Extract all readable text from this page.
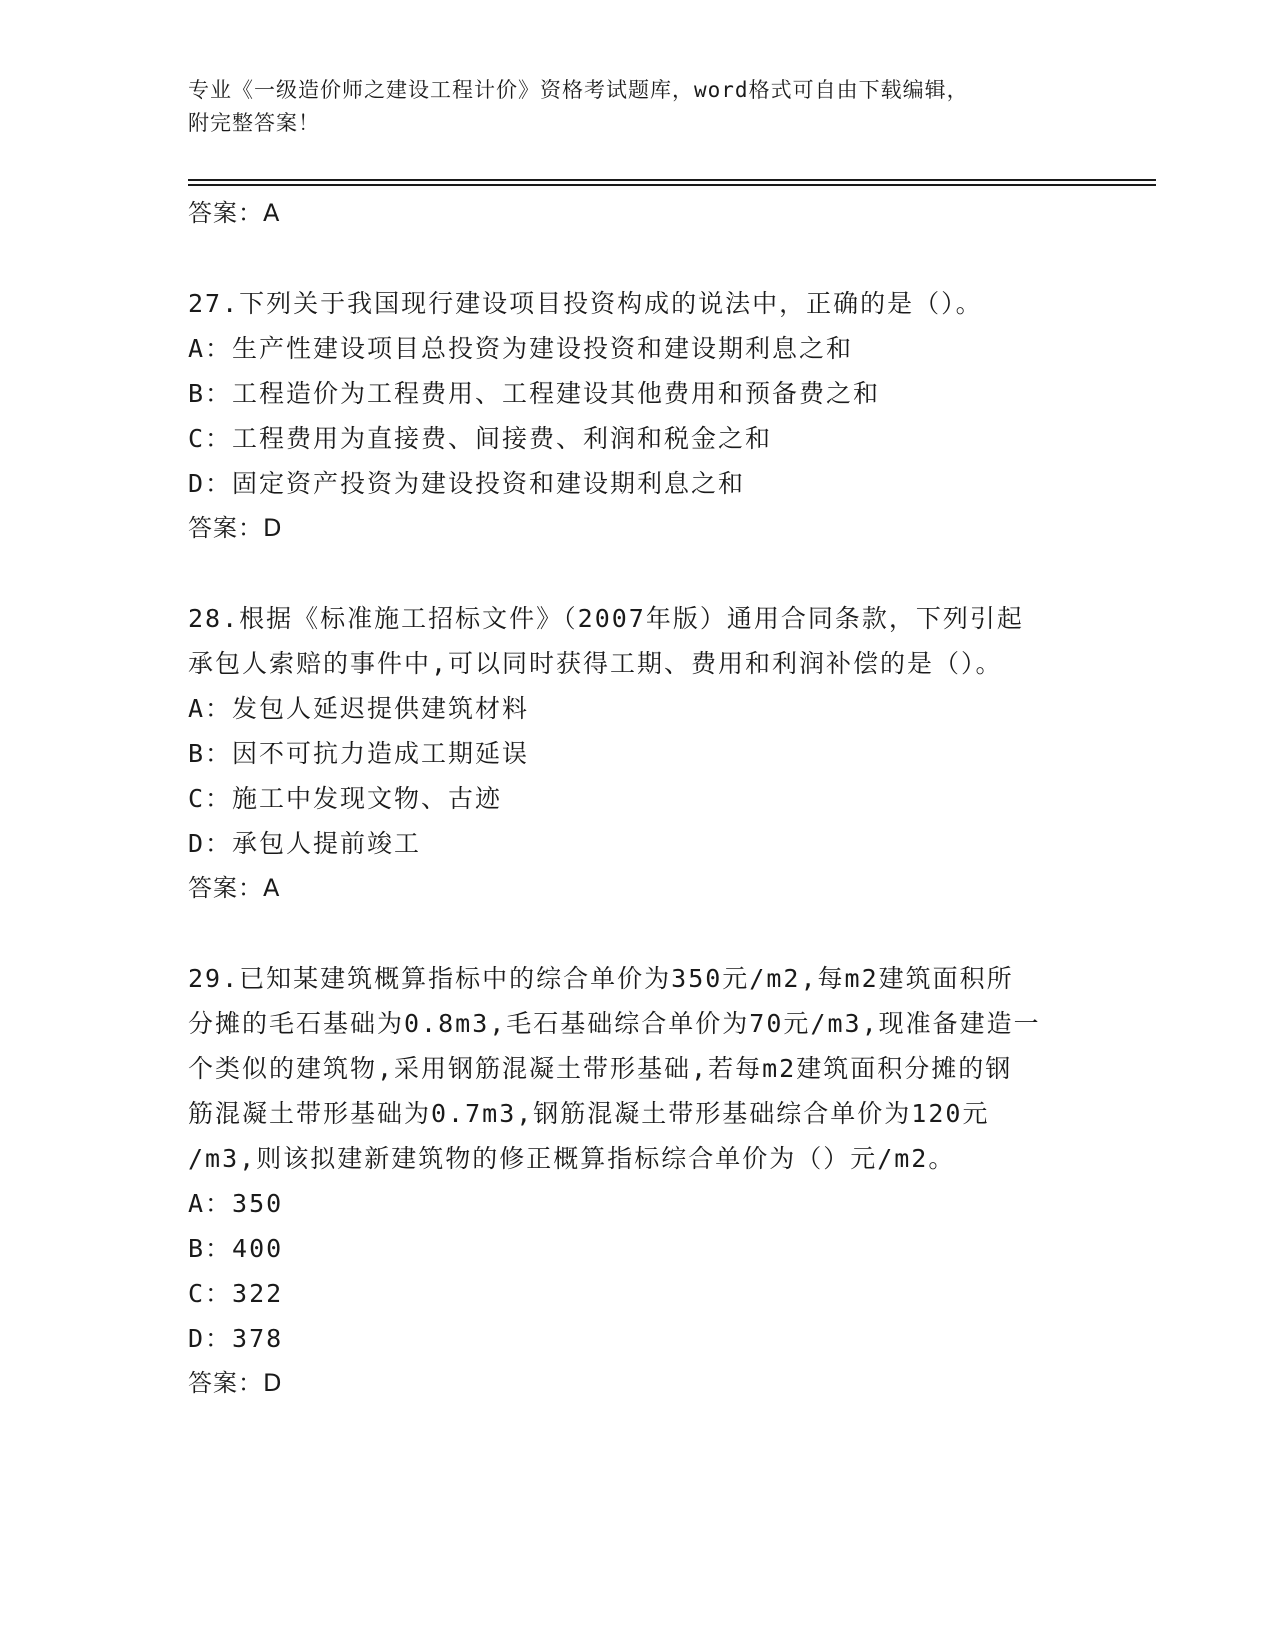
专业《一级造价师之建设工程计价》资格考试题库，word格式可自由下载编辑，
附完整答案！
答案：A
27.下列关于我国现行建设项目投资构成的说法中，正确的是（）。
A：生产性建设项目总投资为建设投资和建设期利息之和
B：工程造价为工程费用、工程建设其他费用和预备费之和
C：工程费用为直接费、间接费、利润和税金之和
D：固定资产投资为建设投资和建设期利息之和
答案：D
28.根据《标准施工招标文件》（2007年版）通用合同条款，下列引起
承包人索赔的事件中,可以同时获得工期、费用和利润补偿的是（）。
A：发包人延迟提供建筑材料
B：因不可抗力造成工期延误
C：施工中发现文物、古迹
D：承包人提前竣工
答案：A
29.已知某建筑概算指标中的综合单价为350元/m2,每m2建筑面积所
分摊的毛石基础为0.8m3,毛石基础综合单价为70元/m3,现准备建造一
个类似的建筑物,采用钢筋混凝土带形基础,若每m2建筑面积分摊的钢
筋混凝土带形基础为0.7m3,钢筋混凝土带形基础综合单价为120元
/m3,则该拟建新建筑物的修正概算指标综合单价为（）元/m2。
A：350
B：400
C：322
D：378
答案：D
